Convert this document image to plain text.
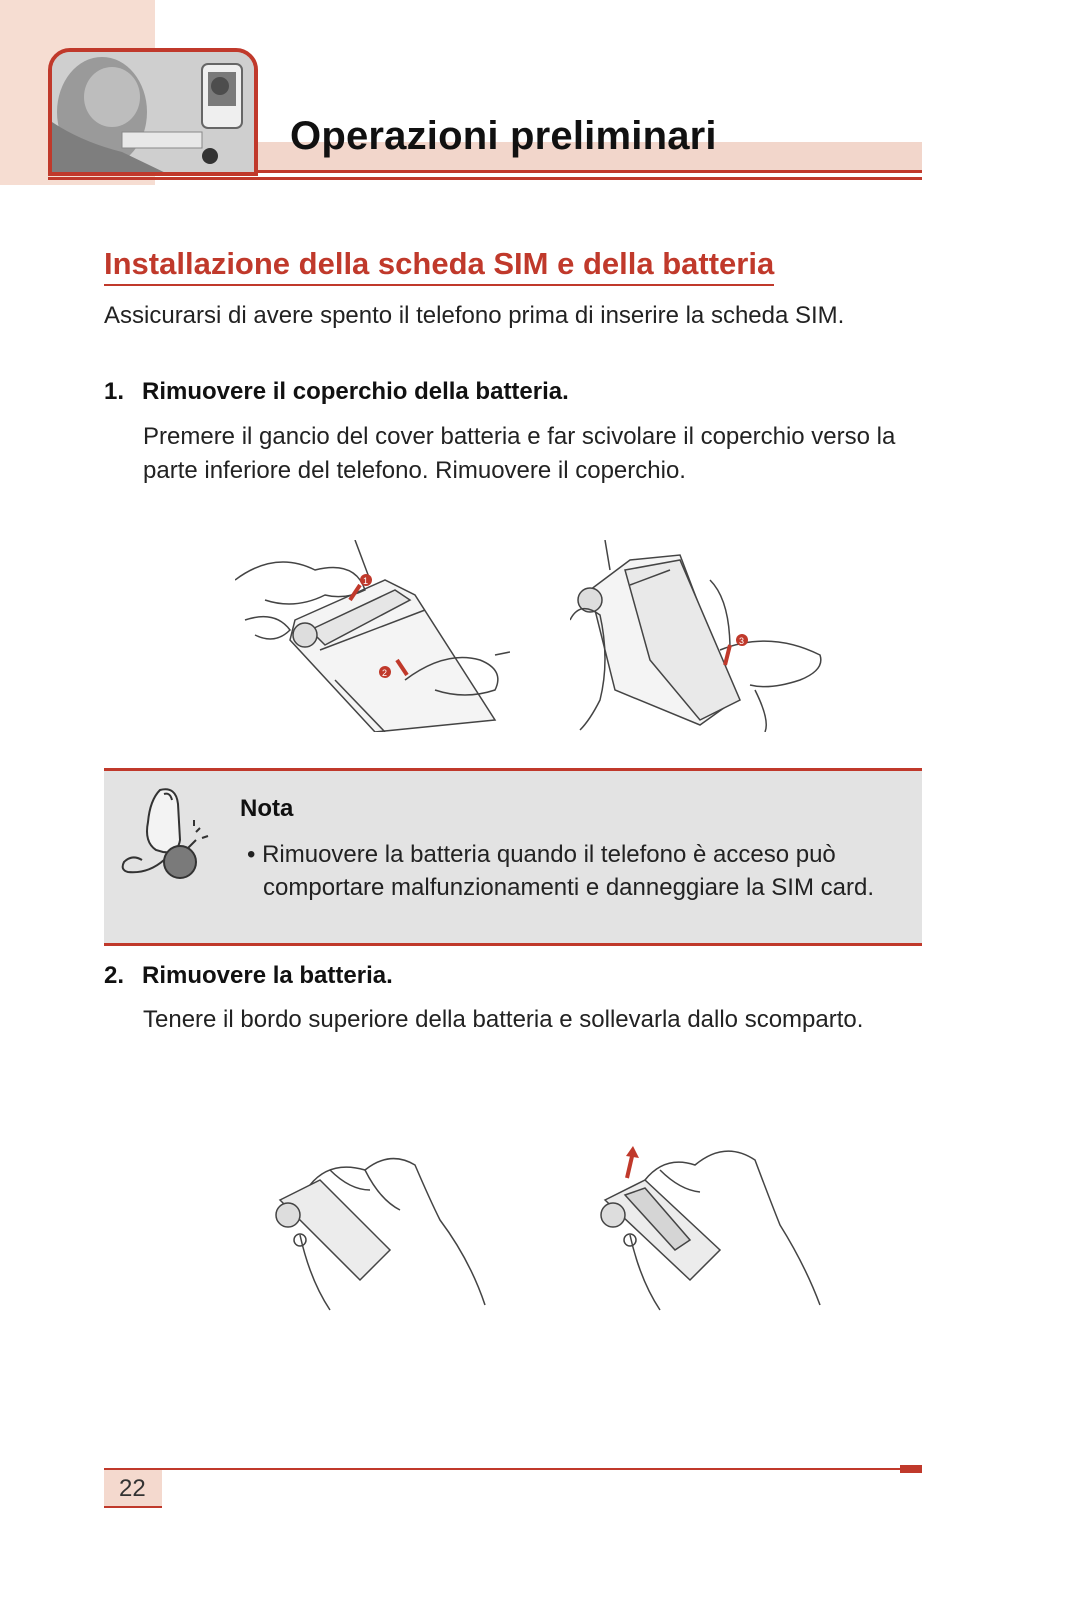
Operazioni preliminari
Installazione della scheda SIM e della batteria
Assicurarsi di avere spento il telefono prima di inserire la scheda SIM.
1. Rimuovere il coperchio della batteria.
Premere il gancio del cover batteria e far scivolare il coperchio verso la parte inferiore del telefono. Rimuovere il coperchio.
1
2
3
Nota
• Rimuovere la batteria quando il telefono è acceso può comportare malfunzionamenti e danneggiare la SIM card.
2. Rimuovere la batteria.
Tenere il bordo superiore della batteria e sollevarla dallo scomparto.
22
